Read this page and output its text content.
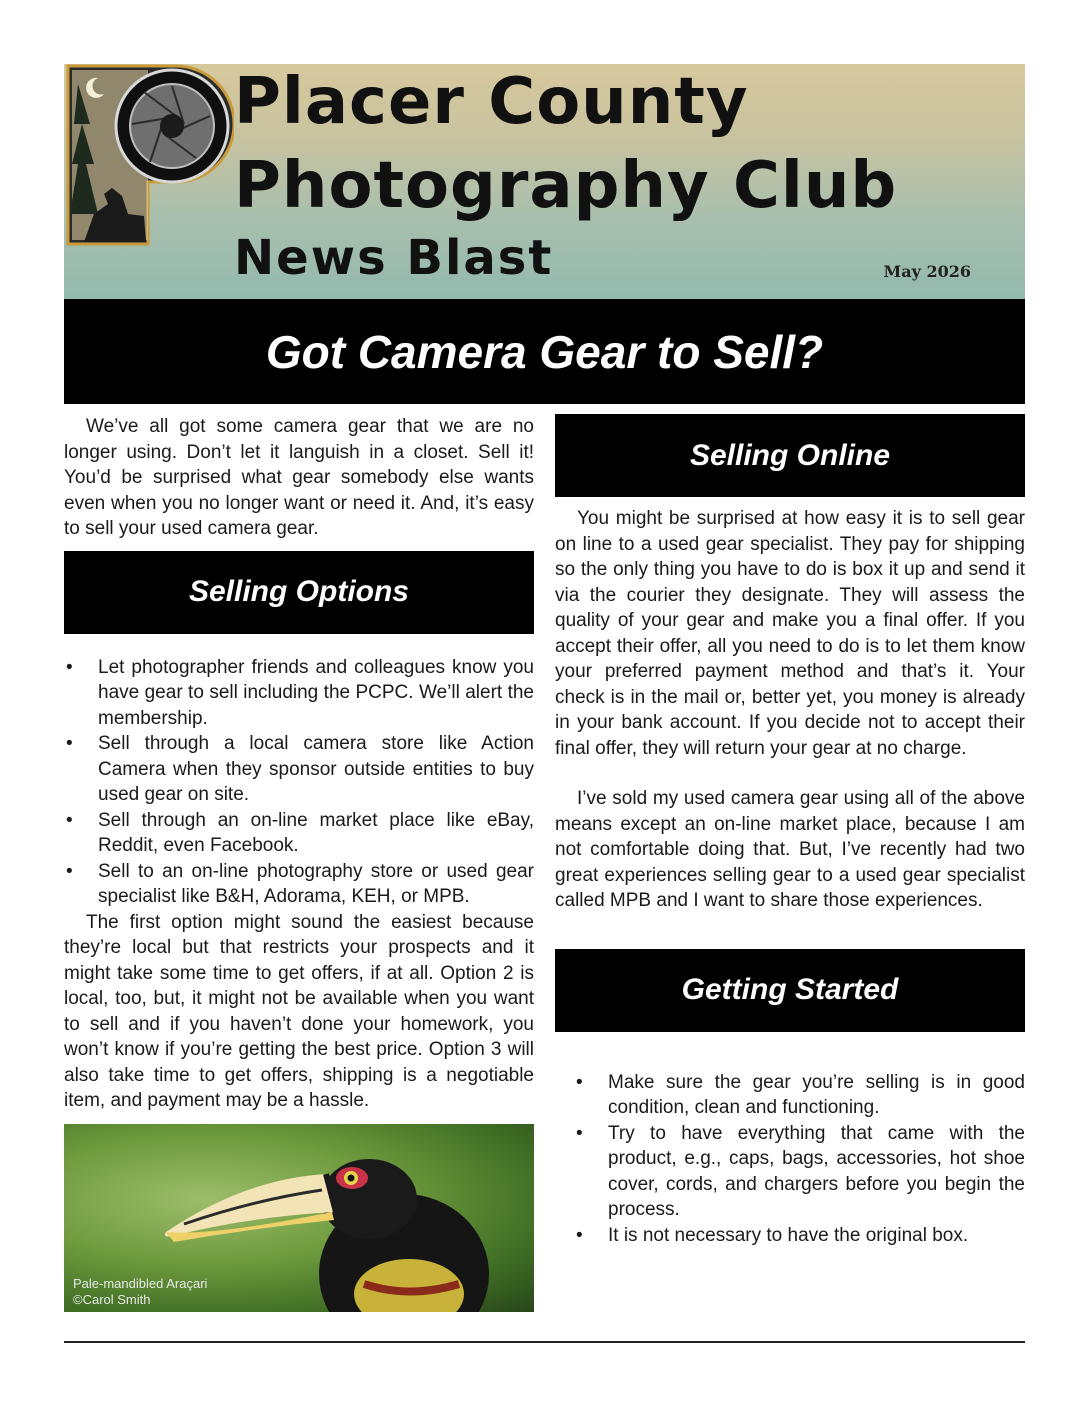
Placer County
Photography Club
News Blast	May 2026
Got Camera Gear to Sell?

We’ve all got some camera gear that we are no longer using. Don’t let it languish in a closet. Sell it! You’d be surprised what gear somebody else wants even when you no longer want or need it. And, it’s easy to sell your used camera gear.

Selling Options
• Let photographer friends and colleagues know you have gear to sell including the PCPC. We’ll alert the membership.
• Sell through a local camera store like Action Camera when they sponsor outside entities to buy used gear on site.
• Sell through an on-line market place like eBay, Reddit, even Facebook.
• Sell to an on-line photography store or used gear specialist like B&H, Adorama, KEH, or MPB.

The first option might sound the easiest because they’re local but that restricts your prospects and it might take some time to get offers, if at all. Option 2 is local, too, but, it might not be available when you want to sell and if you haven’t done your homework, you won’t know if you’re getting the best price. Option 3 will also take time to get offers, shipping is a negotiable item, and payment may be a hassle.

Pale-mandibled Araçari
©Carol Smith
Selling Online

You might be surprised at how easy it is to sell gear on line to a used gear specialist. They pay for shipping so the only thing you have to do is box it up and send it via the courier they designate. They will assess the quality of your gear and make you a final offer. If you accept their offer, all you need to do is to let them know your preferred payment method and that’s it. Your check is in the mail or, better yet, you money is already in your bank account. If you decide not to accept their final offer, they will return your gear at no charge.

I’ve sold my used camera gear using all of the above means except an on-line market place, because I am not comfortable doing that. But, I’ve recently had two great experiences selling gear to a used gear specialist called MPB and I want to share those experiences.

Getting Started
• Make sure the gear you’re selling is in good condition, clean and functioning.
• Try to have everything that came with the product, e.g., caps, bags, accessories, hot shoe cover, cords, and chargers before you begin the process.
• It is not necessary to have the original box.
